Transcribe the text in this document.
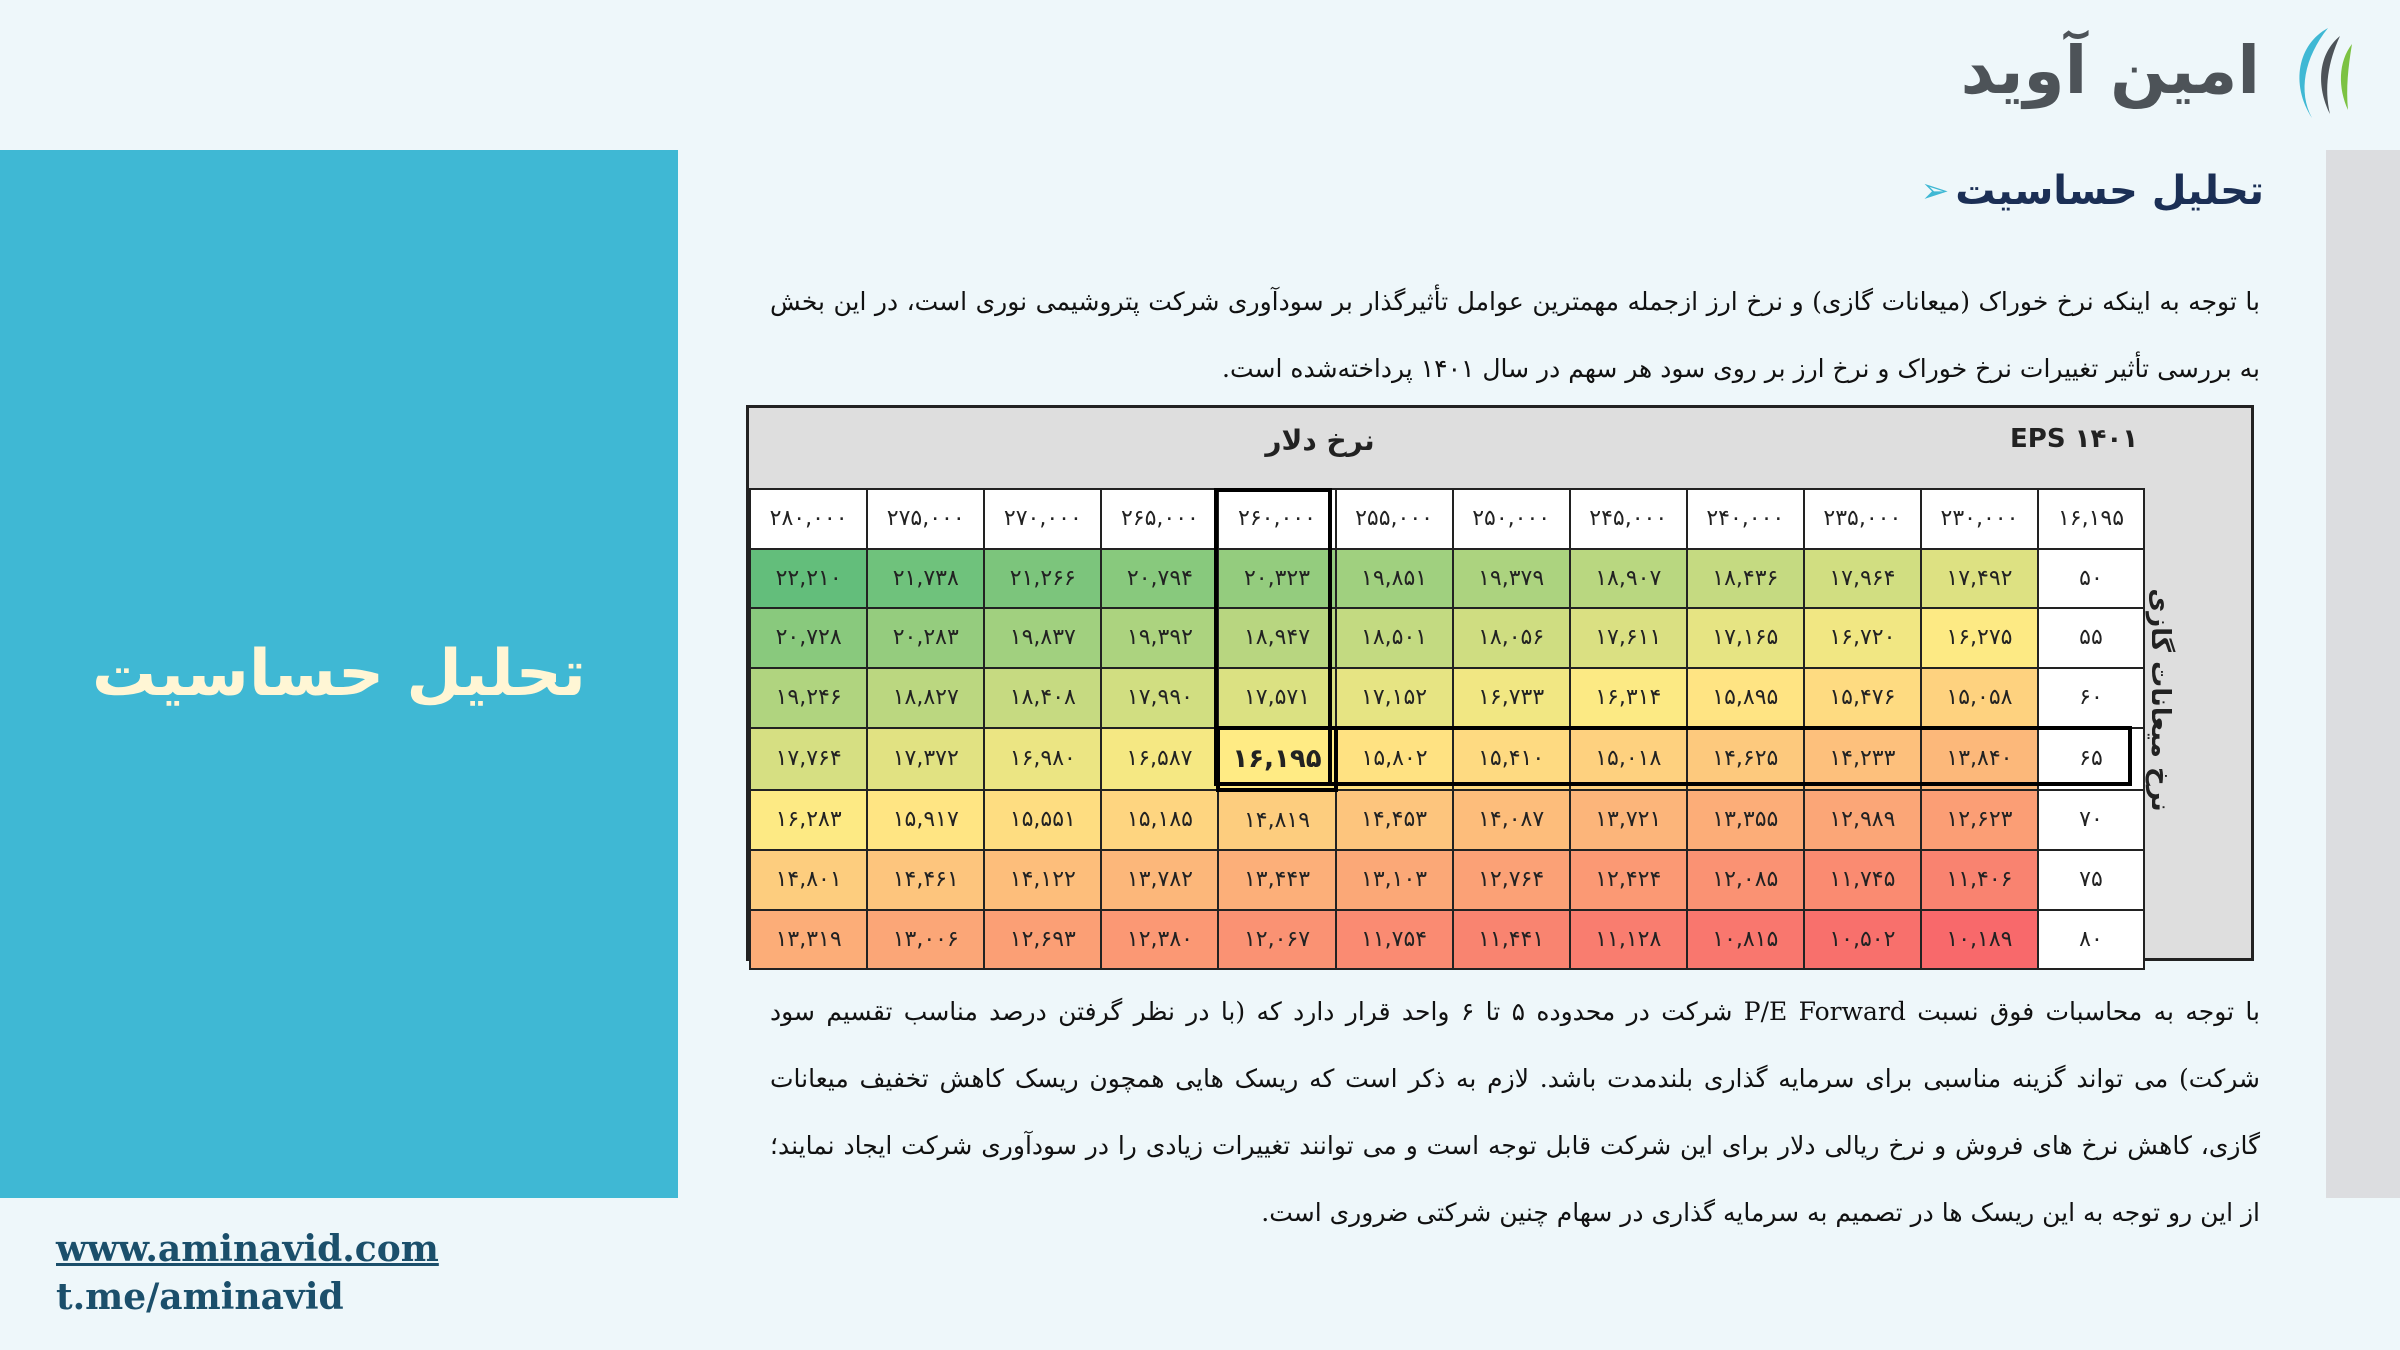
تحلیل حساسیت
امین آوید
تحلیل حساسیت
➢
با توجه به اینکه نرخ خوراک (میعانات گازی) و نرخ ارز ازجمله مهمترین عوامل تأثیرگذار بر سودآوری شرکت پتروشیمی نوری است، در این بخش به بررسی تأثیر تغییرات نرخ خوراک و نرخ ارز بر روی سود هر سهم در سال ۱۴۰۱ پرداخته‌شده است.
EPS ۱۴۰۱
نرخ دلار
نرخ میعانات گازی
۱۶,۱۹۵	۲۳۰,۰۰۰	۲۳۵,۰۰۰	۲۴۰,۰۰۰	۲۴۵,۰۰۰	۲۵۰,۰۰۰	۲۵۵,۰۰۰	۲۶۰,۰۰۰	۲۶۵,۰۰۰	۲۷۰,۰۰۰	۲۷۵,۰۰۰	۲۸۰,۰۰۰
۵۰	۱۷,۴۹۲	۱۷,۹۶۴	۱۸,۴۳۶	۱۸,۹۰۷	۱۹,۳۷۹	۱۹,۸۵۱	۲۰,۳۲۳	۲۰,۷۹۴	۲۱,۲۶۶	۲۱,۷۳۸	۲۲,۲۱۰
۵۵	۱۶,۲۷۵	۱۶,۷۲۰	۱۷,۱۶۵	۱۷,۶۱۱	۱۸,۰۵۶	۱۸,۵۰۱	۱۸,۹۴۷	۱۹,۳۹۲	۱۹,۸۳۷	۲۰,۲۸۳	۲۰,۷۲۸
۶۰	۱۵,۰۵۸	۱۵,۴۷۶	۱۵,۸۹۵	۱۶,۳۱۴	۱۶,۷۳۳	۱۷,۱۵۲	۱۷,۵۷۱	۱۷,۹۹۰	۱۸,۴۰۸	۱۸,۸۲۷	۱۹,۲۴۶
۶۵	۱۳,۸۴۰	۱۴,۲۳۳	۱۴,۶۲۵	۱۵,۰۱۸	۱۵,۴۱۰	۱۵,۸۰۲	۱۶,۱۹۵	۱۶,۵۸۷	۱۶,۹۸۰	۱۷,۳۷۲	۱۷,۷۶۴
۷۰	۱۲,۶۲۳	۱۲,۹۸۹	۱۳,۳۵۵	۱۳,۷۲۱	۱۴,۰۸۷	۱۴,۴۵۳	۱۴,۸۱۹	۱۵,۱۸۵	۱۵,۵۵۱	۱۵,۹۱۷	۱۶,۲۸۳
۷۵	۱۱,۴۰۶	۱۱,۷۴۵	۱۲,۰۸۵	۱۲,۴۲۴	۱۲,۷۶۴	۱۳,۱۰۳	۱۳,۴۴۳	۱۳,۷۸۲	۱۴,۱۲۲	۱۴,۴۶۱	۱۴,۸۰۱
۸۰	۱۰,۱۸۹	۱۰,۵۰۲	۱۰,۸۱۵	۱۱,۱۲۸	۱۱,۴۴۱	۱۱,۷۵۴	۱۲,۰۶۷	۱۲,۳۸۰	۱۲,۶۹۳	۱۳,۰۰۶	۱۳,۳۱۹
با توجه به محاسبات فوق نسبت P/E Forward شرکت در محدوده ۵ تا ۶ واحد قرار دارد که (با در نظر گرفتن درصد مناسب تقسیم سود شرکت) می تواند گزینه مناسبی برای سرمایه گذاری بلندمدت باشد. لازم به ذکر است که ریسک هایی همچون ریسک کاهش تخفیف میعانات گازی، کاهش نرخ های فروش و نرخ ریالی دلار برای این شرکت قابل توجه است و می توانند تغییرات زیادی را در سودآوری شرکت ایجاد نمایند؛ از این رو توجه به این ریسک ها در تصمیم به سرمایه گذاری در سهام چنین شرکتی ضروری است.
www.aminavid.com
t.me/aminavid
